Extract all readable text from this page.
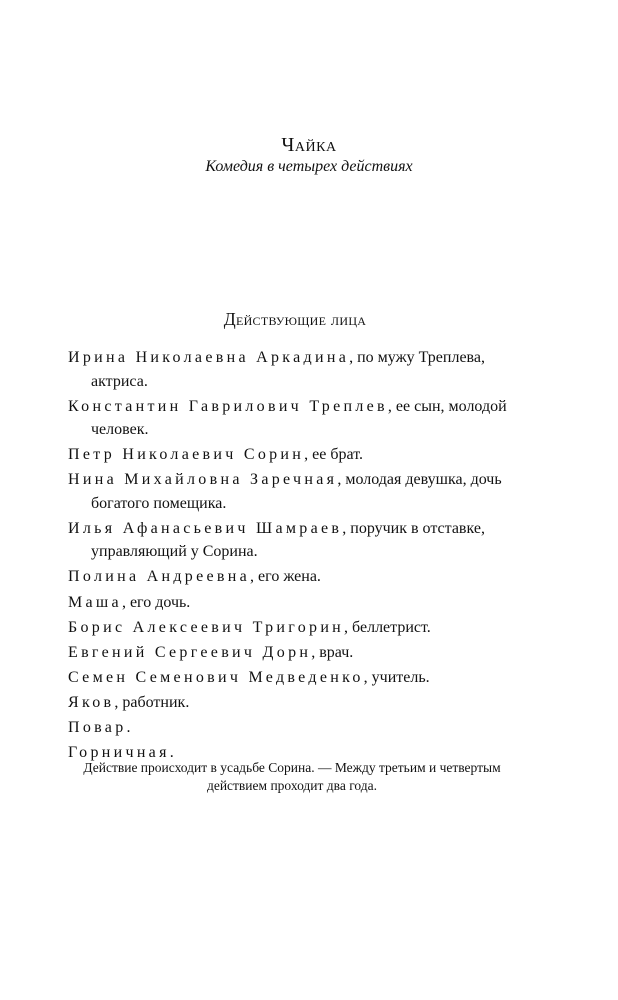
Чайка
Комедия в четырех действиях
Действующие лица
Ирина Николаевна Аркадина, по мужу Треплева, актриса.
Константин Гаврилович Треплев, ее сын, молодой человек.
Петр Николаевич Сорин, ее брат.
Нина Михайловна Заречная, молодая девушка, дочь богатого помещика.
Илья Афанасьевич Шамраев, поручик в отставке, управляющий у Сорина.
Полина Андреевна, его жена.
Маша, его дочь.
Борис Алексеевич Тригорин, беллетрист.
Евгений Сергеевич Дорн, врач.
Семен Семенович Медведенко, учитель.
Яков, работник.
Повар.
Горничная.
Действие происходит в усадьбе Сорина. — Между третьим и четвертым действием проходит два года.
